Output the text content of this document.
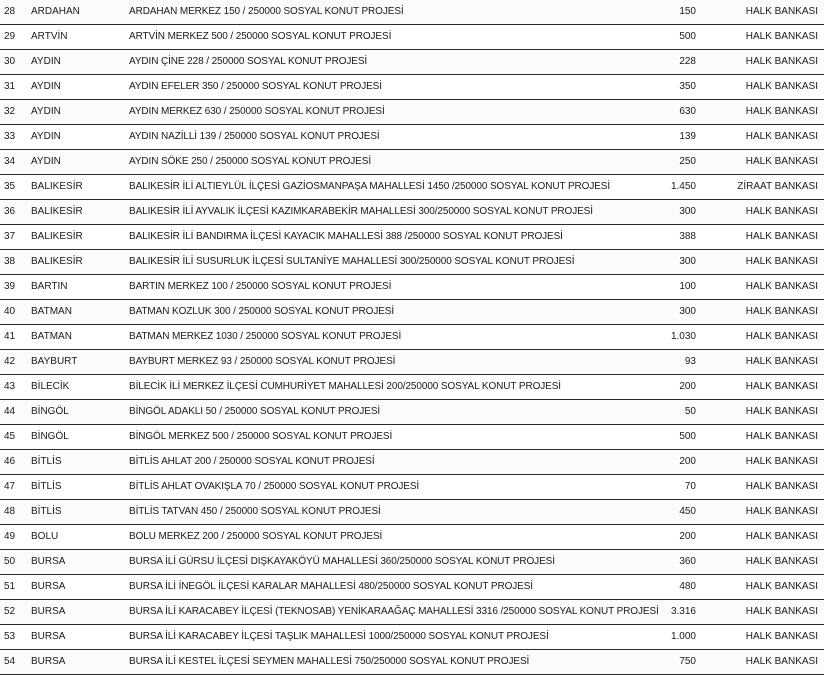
28	ARDAHAN	ARDAHAN MERKEZ 150 / 250000 SOSYAL KONUT PROJESİ	150	HALK BANKASI
29	ARTVİN	ARTVİN MERKEZ 500 / 250000 SOSYAL KONUT PROJESİ	500	HALK BANKASI
30	AYDIN	AYDIN ÇİNE 228 / 250000 SOSYAL KONUT PROJESİ	228	HALK BANKASI
31	AYDIN	AYDIN EFELER 350 / 250000 SOSYAL KONUT PROJESİ	350	HALK BANKASI
32	AYDIN	AYDIN MERKEZ 630 / 250000 SOSYAL KONUT PROJESİ	630	HALK BANKASI
33	AYDIN	AYDIN NAZİLLİ 139 / 250000 SOSYAL KONUT PROJESİ	139	HALK BANKASI
34	AYDIN	AYDIN SÖKE 250 / 250000 SOSYAL KONUT PROJESİ	250	HALK BANKASI
35	BALIKESİR	BALIKESİR İLİ ALTIEYLÜL İLÇESİ GAZİOSMANPAŞA MAHALLESİ 1450 /250000 SOSYAL KONUT PROJESİ	1.450	ZİRAAT BANKASI
36	BALIKESİR	BALIKESİR İLİ AYVALIK İLÇESİ KAZIMKARABEKİR MAHALLESİ 300/250000 SOSYAL KONUT PROJESİ	300	HALK BANKASI
37	BALIKESİR	BALIKESİR İLİ BANDIRMA İLÇESİ KAYACIK MAHALLESİ 388 /250000 SOSYAL KONUT PROJESİ	388	HALK BANKASI
38	BALIKESİR	BALIKESİR İLİ SUSURLUK İLÇESİ SULTANİYE MAHALLESİ 300/250000 SOSYAL KONUT PROJESİ	300	HALK BANKASI
39	BARTIN	BARTIN MERKEZ 100 / 250000 SOSYAL KONUT PROJESİ	100	HALK BANKASI
40	BATMAN	BATMAN KOZLUK 300 / 250000 SOSYAL KONUT PROJESİ	300	HALK BANKASI
41	BATMAN	BATMAN MERKEZ 1030 / 250000 SOSYAL KONUT PROJESİ	1.030	HALK BANKASI
42	BAYBURT	BAYBURT MERKEZ 93 / 250000 SOSYAL KONUT PROJESİ	93	HALK BANKASI
43	BİLECİK	BİLECİK İLİ MERKEZ İLÇESİ CUMHURİYET MAHALLESİ 200/250000 SOSYAL KONUT PROJESİ	200	HALK BANKASI
44	BİNGÖL	BİNGÖL ADAKLI 50 / 250000 SOSYAL KONUT PROJESİ	50	HALK BANKASI
45	BİNGÖL	BİNGÖL MERKEZ 500 / 250000 SOSYAL KONUT PROJESİ	500	HALK BANKASI
46	BİTLİS	BİTLİS AHLAT 200 / 250000 SOSYAL KONUT PROJESİ	200	HALK BANKASI
47	BİTLİS	BİTLİS AHLAT OVAKIŞLA 70 / 250000 SOSYAL KONUT PROJESİ	70	HALK BANKASI
48	BİTLİS	BİTLİS TATVAN 450 / 250000 SOSYAL KONUT PROJESİ	450	HALK BANKASI
49	BOLU	BOLU MERKEZ 200 / 250000 SOSYAL KONUT PROJESİ	200	HALK BANKASI
50	BURSA	BURSA İLİ GÜRSU İLÇESİ DIŞKAYAKÖYÜ MAHALLESİ 360/250000 SOSYAL KONUT PROJESİ	360	HALK BANKASI
51	BURSA	BURSA İLİ İNEGÖL İLÇESİ KARALAR MAHALLESİ 480/250000 SOSYAL KONUT PROJESİ	480	HALK BANKASI
52	BURSA	BURSA İLİ KARACABEY İLÇESİ (TEKNOSAB) YENİKARAAĞAÇ MAHALLESİ 3316 /250000 SOSYAL KONUT PROJESİ	3.316	HALK BANKASI
53	BURSA	BURSA İLİ KARACABEY İLÇESİ TAŞLIK MAHALLESİ 1000/250000 SOSYAL KONUT PROJESİ	1.000	HALK BANKASI
54	BURSA	BURSA İLİ KESTEL İLÇESİ SEYMEN MAHALLESİ 750/250000 SOSYAL KONUT PROJESİ	750	HALK BANKASI
